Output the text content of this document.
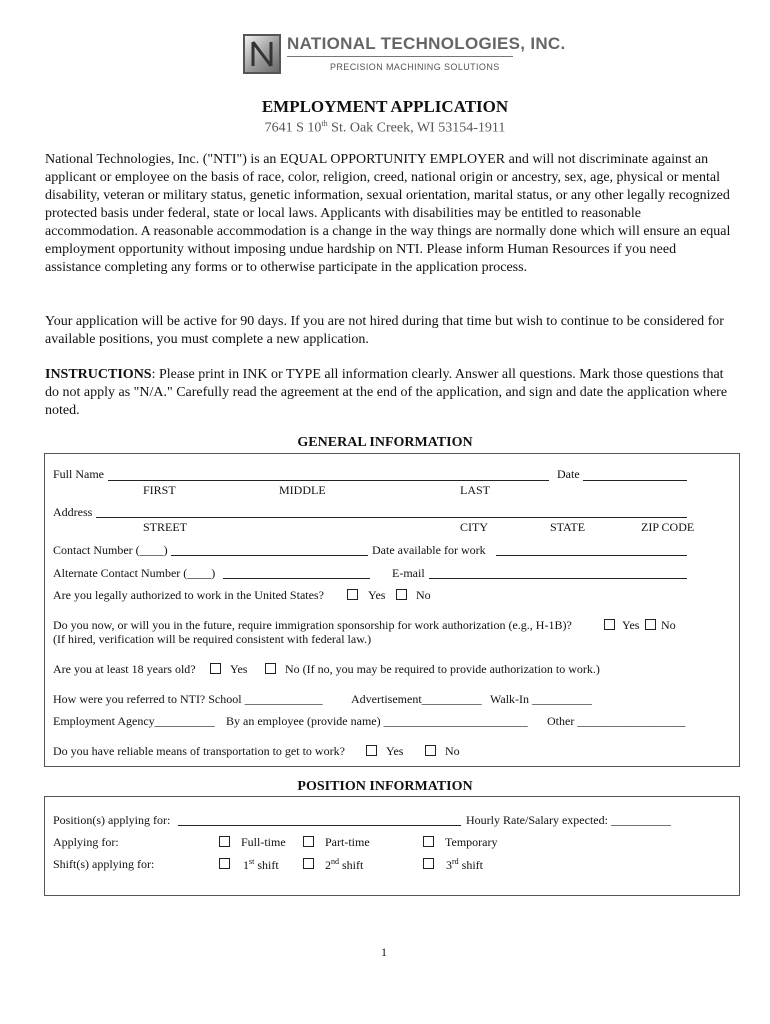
NATIONAL TECHNOLOGIES, INC.
PRECISION MACHINING SOLUTIONS
EMPLOYMENT APPLICATION
7641 S 10th St. Oak Creek, WI 53154-1911
National Technologies, Inc. ("NTI") is an EQUAL OPPORTUNITY EMPLOYER and will not discriminate against an applicant or employee on the basis of race, color, religion, creed, national origin or ancestry, sex, age, physical or mental disability, veteran or military status, genetic information, sexual orientation, marital status, or any other legally recognized protected basis under federal, state or local laws. Applicants with disabilities may be entitled to reasonable accommodation. A reasonable accommodation is a change in the way things are normally done which will ensure an equal employment opportunity without imposing undue hardship on NTI. Please inform Human Resources if you need assistance completing any forms or to otherwise participate in the application process.
Your application will be active for 90 days. If you are not hired during that time but wish to continue to be considered for available positions, you must complete a new application.
INSTRUCTIONS: Please print in INK or TYPE all information clearly. Answer all questions. Mark those questions that do not apply as "N/A." Carefully read the agreement at the end of the application, and sign and date the application where noted.
GENERAL INFORMATION
Full Name	Date
FIRST	MIDDLE	LAST
Address
STREET	CITY	STATE	ZIP CODE
Contact Number (____)	Date available for work
Alternate Contact Number (____)	E-mail
Are you legally authorized to work in the United States?	Yes	No
Do you now, or will you in the future, require immigration sponsorship for work authorization (e.g., H-1B)?	Yes No
(If hired, verification will be required consistent with federal law.)
Are you at least 18 years old?	Yes	No (If no, you may be required to provide authorization to work.)
How were you referred to NTI? School _____________ Advertisement__________ Walk-In __________
Employment Agency__________ By an employee (provide name) ________________________ Other __________________
Do you have reliable means of transportation to get to work?	Yes	No
POSITION INFORMATION
Position(s) applying for:	Hourly Rate/Salary expected: __________
Applying for:	Full-time	Part-time	Temporary
Shift(s) applying for:	1st shift	2nd shift	3rd shift
1
